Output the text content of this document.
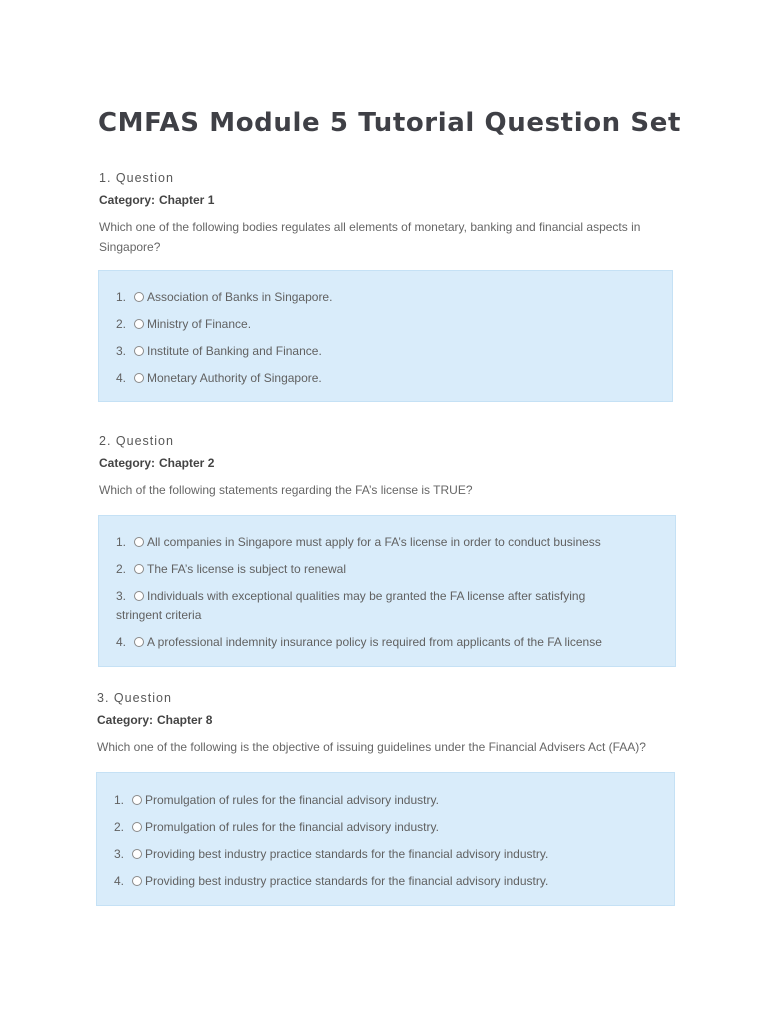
CMFAS Module 5 Tutorial Question Set
1. Question
Category: Chapter 1
Which one of the following bodies regulates all elements of monetary, banking and financial aspects in Singapore?
1. Association of Banks in Singapore.
2. Ministry of Finance.
3. Institute of Banking and Finance.
4. Monetary Authority of Singapore.
2. Question
Category: Chapter 2
Which of the following statements regarding the FA’s license is TRUE?
1. All companies in Singapore must apply for a FA’s license in order to conduct business
2. The FA’s license is subject to renewal
3. Individuals with exceptional qualities may be granted the FA license after satisfying stringent criteria
4. A professional indemnity insurance policy is required from applicants of the FA license
3. Question
Category: Chapter 8
Which one of the following is the objective of issuing guidelines under the Financial Advisers Act (FAA)?
1. Promulgation of rules for the financial advisory industry.
2. Promulgation of rules for the financial advisory industry.
3. Providing best industry practice standards for the financial advisory industry.
4. Providing best industry practice standards for the financial advisory industry.
